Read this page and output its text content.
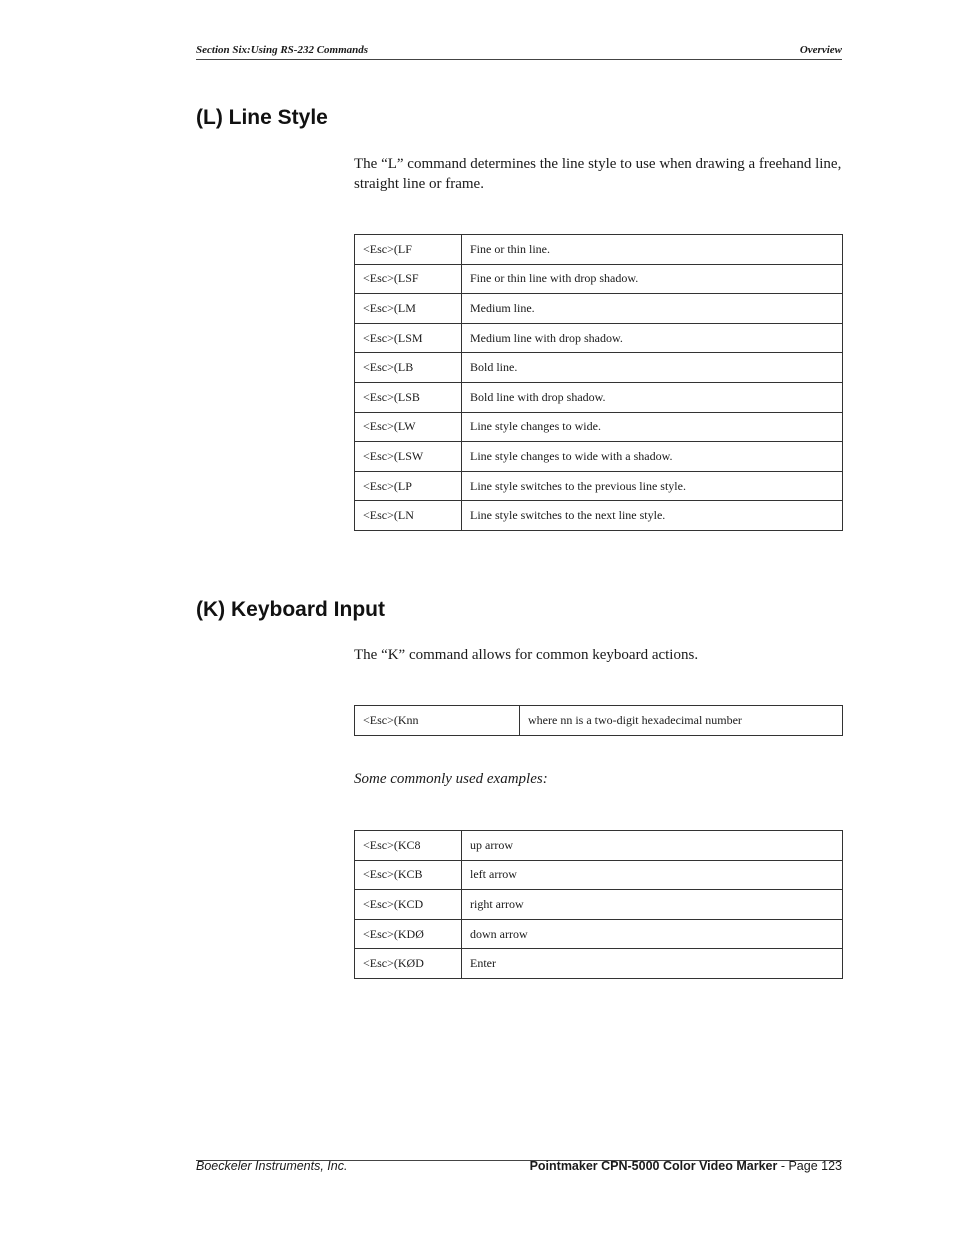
Section Six:Using RS-232 Commands	Overview
(L) Line Style

The “L” command determines the line style to use when drawing a freehand line,
straight line or frame.

<Esc>(LF	Fine or thin line.
<Esc>(LSF	Fine or thin line with drop shadow.
<Esc>(LM	Medium line.
<Esc>(LSM	Medium line with drop shadow.
<Esc>(LB	Bold line.
<Esc>(LSB	Bold line with drop shadow.
<Esc>(LW	Line style changes to wide.
<Esc>(LSW	Line style changes to wide with a shadow.
<Esc>(LP	Line style switches to the previous line style.
<Esc>(LN	Line style switches to the next line style.
(K) Keyboard Input

The “K” command allows for common keyboard actions.

<Esc>(Knn	where nn is a two-digit hexadecimal number
Some commonly used examples:
<Esc>(KC8	up arrow
<Esc>(KCB	left arrow
<Esc>(KCD	right arrow
<Esc>(KDØ	down arrow
<Esc>(KØD	Enter
Boeckeler Instruments, Inc.	Pointmaker CPN-5000 Color Video Marker - Page 123
